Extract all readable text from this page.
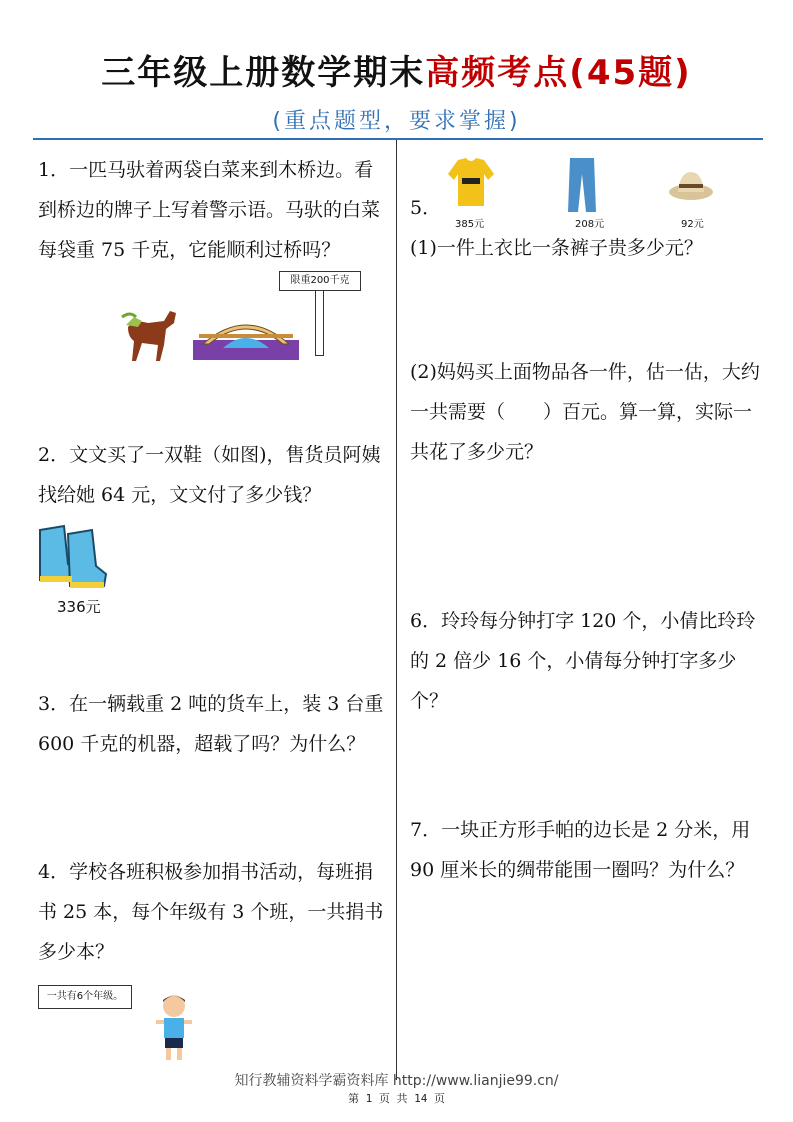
三年级上册数学期末高频考点(45题)
(重点题型，要求掌握)
1．一匹马驮着两袋白菜来到木桥边。看到桥边的牌子上写着警示语。马驮的白菜每袋重 75 千克，它能顺利过桥吗？
限重200千克
2．文文买了一双鞋（如图)，售货员阿姨找给她 64 元，文文付了多少钱？
336元
3．在一辆载重 2 吨的货车上，装 3 台重 600 千克的机器，超载了吗？为什么？
4．学校各班积极参加捐书活动，每班捐书 25 本，每个年级有 3 个班，一共捐书多少本？
一共有6个年级。
5．
385元	208元	92元
(1)一件上衣比一条裤子贵多少元？
(2)妈妈买上面物品各一件，估一估，大约一共需要（　　）百元。算一算，实际一共花了多少元？
6．玲玲每分钟打字 120 个，小倩比玲玲的 2 倍少 16 个，小倩每分钟打字多少个？
7．一块正方形手帕的边长是 2 分米，用 90 厘米长的绸带能围一圈吗？为什么？
知行教辅资料学霸资料库 http://www.lianjie99.cn/
第 1 页 共 14 页
